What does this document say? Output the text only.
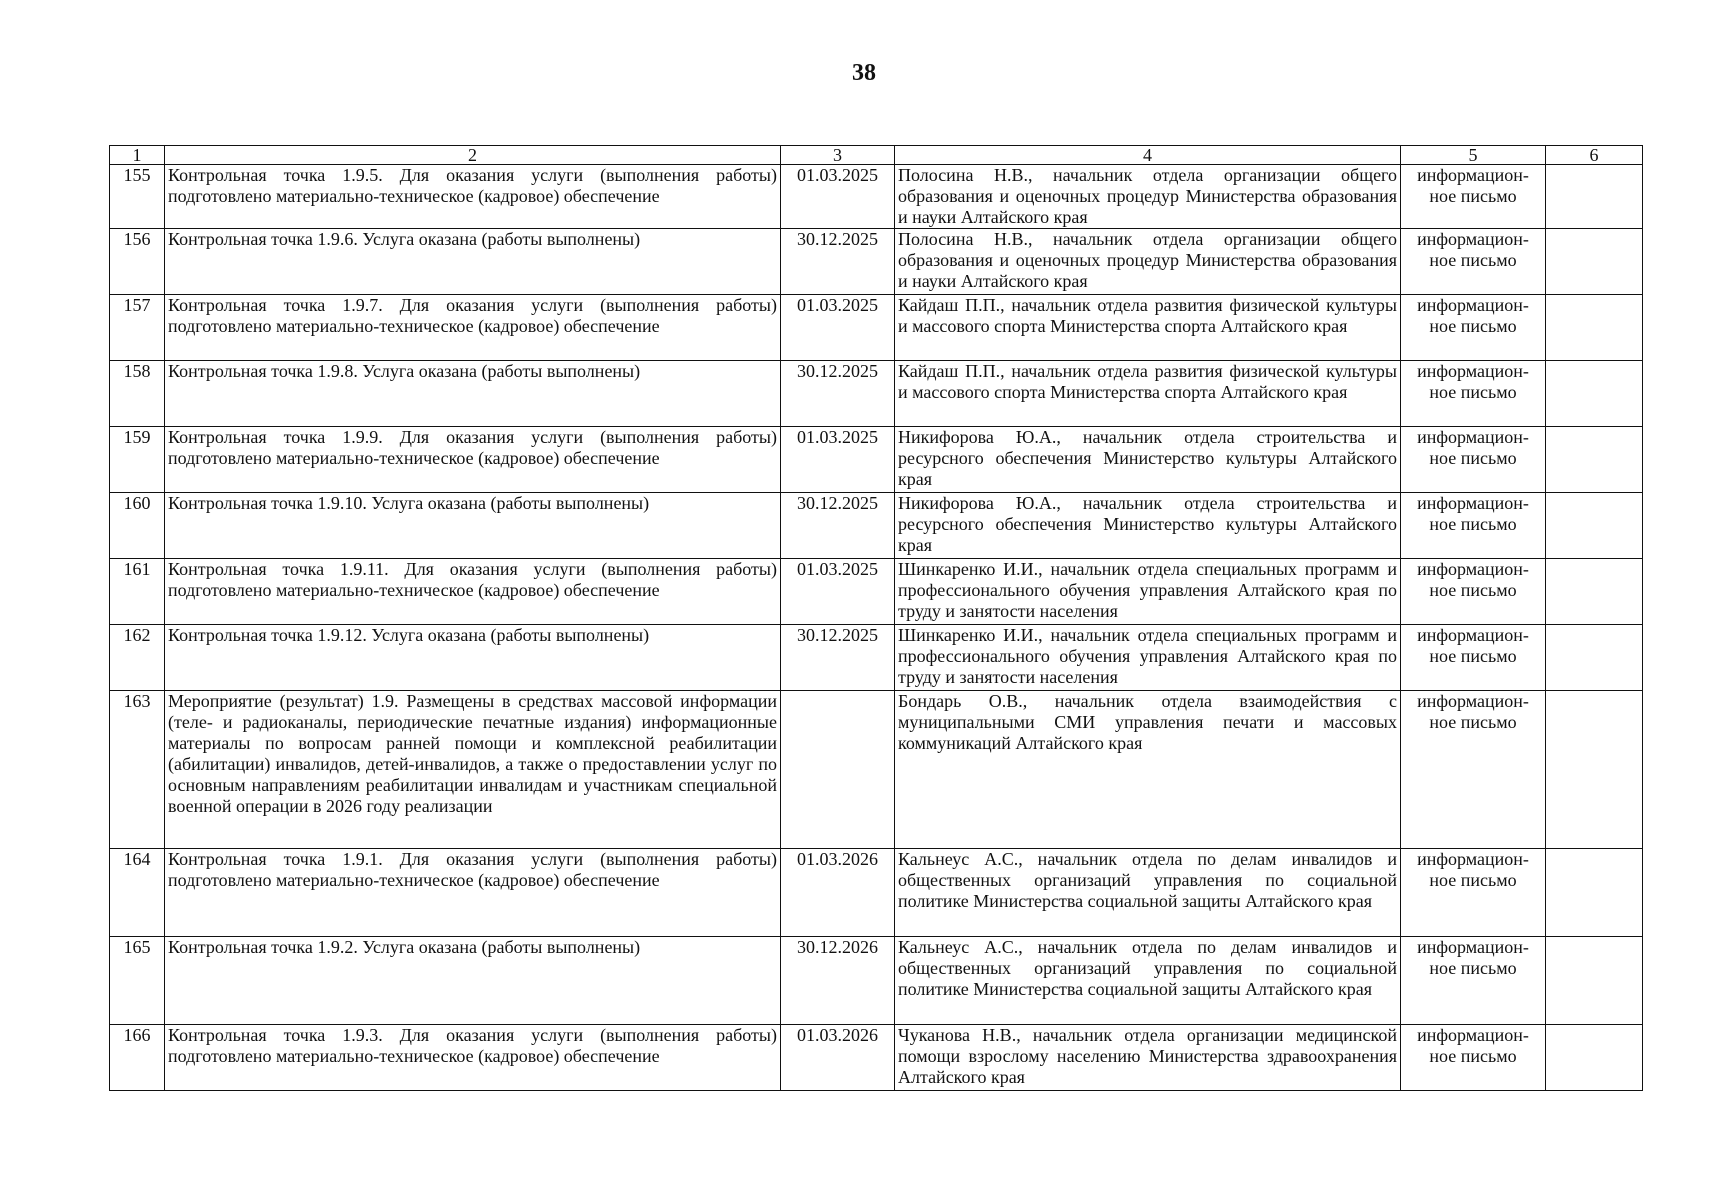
38
1	2	3	4	5	6
155	Контрольная точка 1.9.5. Для оказания услуги (выполнения работы) подготовлено материально-техническое (кадровое) обеспечение	01.03.2025	Полосина Н.В., начальник отдела организации общего образования и оценочных процедур Министерства образования и науки Алтайского края	информацион-ное письмо	
156	Контрольная точка 1.9.6. Услуга оказана (работы выполнены)	30.12.2025	Полосина Н.В., начальник отдела организации общего образования и оценочных процедур Министерства образования и науки Алтайского края	информацион-ное письмо	
157	Контрольная точка 1.9.7. Для оказания услуги (выполнения работы) подготовлено материально-техническое (кадровое) обеспечение	01.03.2025	Кайдаш П.П., начальник отдела развития физической культуры и массового спорта Министерства спорта Алтайского края	информацион-ное письмо	
158	Контрольная точка 1.9.8. Услуга оказана (работы выполнены)	30.12.2025	Кайдаш П.П., начальник отдела развития физической культуры и массового спорта Министерства спорта Алтайского края	информацион-ное письмо	
159	Контрольная точка 1.9.9. Для оказания услуги (выполнения работы) подготовлено материально-техническое (кадровое) обеспечение	01.03.2025	Никифорова Ю.А., начальник отдела строительства и ресурсного обеспечения Министерство культуры Алтайского края	информацион-ное письмо	
160	Контрольная точка 1.9.10. Услуга оказана (работы выполнены)	30.12.2025	Никифорова Ю.А., начальник отдела строительства и ресурсного обеспечения Министерство культуры Алтайского края	информацион-ное письмо	
161	Контрольная точка 1.9.11. Для оказания услуги (выполнения работы) подготовлено материально-техническое (кадровое) обеспечение	01.03.2025	Шинкаренко И.И., начальник отдела специальных программ и профессионального обучения управления Алтайского края по труду и занятости населения	информацион-ное письмо	
162	Контрольная точка 1.9.12. Услуга оказана (работы выполнены)	30.12.2025	Шинкаренко И.И., начальник отдела специальных программ и профессионального обучения управления Алтайского края по труду и занятости населения	информацион-ное письмо	
163	Мероприятие (результат) 1.9. Размещены в средствах массовой информации (теле- и радиоканалы, периодические печатные издания) информационные материалы по вопросам ранней помощи и комплексной реабилитации (абилитации) инвалидов, детей-инвалидов, а также о предоставлении услуг по основным направлениям реабилитации инвалидам и участникам специальной военной операции в 2026 году реализации		Бондарь О.В., начальник отдела взаимодействия с муниципальными СМИ управления печати и массовых коммуникаций Алтайского края	информацион-ное письмо	
164	Контрольная точка 1.9.1. Для оказания услуги (выполнения работы) подготовлено материально-техническое (кадровое) обеспечение	01.03.2026	Кальнеус А.С., начальник отдела по делам инвалидов и общественных организаций управления по социальной политике Министерства социальной защиты Алтайского края	информацион-ное письмо	
165	Контрольная точка 1.9.2. Услуга оказана (работы выполнены)	30.12.2026	Кальнеус А.С., начальник отдела по делам инвалидов и общественных организаций управления по социальной политике Министерства социальной защиты Алтайского края	информацион-ное письмо	
166	Контрольная точка 1.9.3. Для оказания услуги (выполнения работы) подготовлено материально-техническое (кадровое) обеспечение	01.03.2026	Чуканова Н.В., начальник отдела организации медицинской помощи взрослому населению Министерства здравоохранения Алтайского края	информацион-ное письмо	
